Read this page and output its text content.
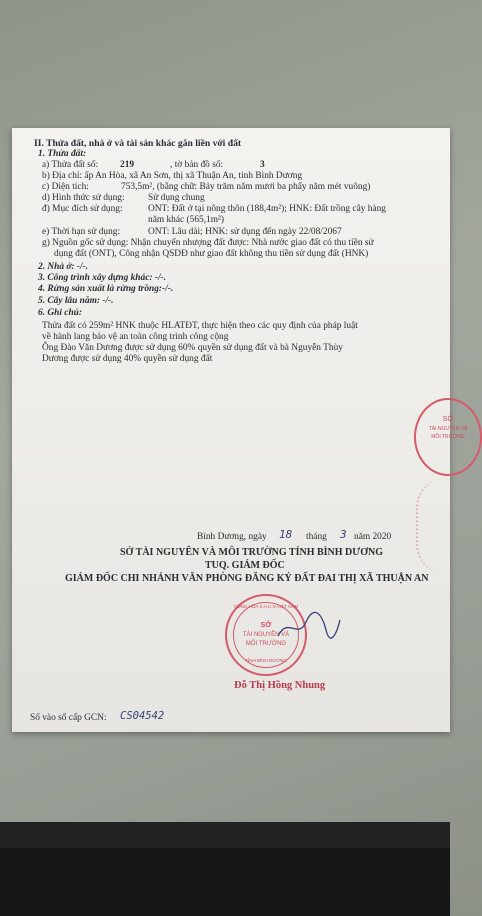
II. Thửa đất, nhà ở và tài sản khác gắn liền với đất
1. Thửa đất:
a) Thửa đất số: 219	, tờ bản đồ số:	3
b) Địa chỉ: ấp An Hòa, xã An Sơn, thị xã Thuận An, tỉnh Bình Dương
c) Diện tích:	753,5m², (bằng chữ: Bảy trăm năm mươi ba phẩy năm mét vuông)
d) Hình thức sử dụng: Sử dụng chung
đ) Mục đích sử dụng:	ONT: Đất ở tại nông thôn (188,4m²); HNK: Đất trồng cây hàng
năm khác (565,1m²)
e) Thời hạn sử dụng:	ONT: Lâu dài; HNK: sử dụng đến ngày 22/08/2067
g) Nguồn gốc sử dụng: Nhận chuyển nhượng đất được: Nhà nước giao đất có thu tiền sử
dụng đất (ONT), Công nhận QSDĐ như giao đất không thu tiền sử dụng đất (HNK)
2. Nhà ở: -/-.
3. Công trình xây dựng khác: -/-.
4. Rừng sản xuất là rừng trồng:-/-.
5. Cây lâu năm: -/-.
6. Ghi chú:
Thửa đất có 259m² HNK thuộc HLATĐT, thực hiện theo các quy định của pháp luật
về hành lang bảo vệ an toàn công trình công cộng
Ông Đào Văn Dương được sử dụng 60% quyền sử dụng đất và bà Nguyễn Thùy
Dương được sử dụng 40% quyền sử dụng đất
SỞ
TÀI NGUYÊN VÀ
MÔI TRƯỜNG
Bình Dương, ngày 18 tháng 3 năm 2020
SỞ TÀI NGUYÊN VÀ MÔI TRƯỜNG TỈNH BÌNH DƯƠNG
TUQ. GIÁM ĐỐC
GIÁM ĐỐC CHI NHÁNH VĂN PHÒNG ĐĂNG KÝ ĐẤT ĐAI THỊ XÃ THUẬN AN
CỘNG HÒA X.H.C.N VIỆT NAM
SỞ
TÀI NGUYÊN VÀ
MÔI TRƯỜNG
TỈNH BÌNH DƯƠNG
Đỗ Thị Hồng Nhung
Số vào sổ cấp GCN: CS04542
